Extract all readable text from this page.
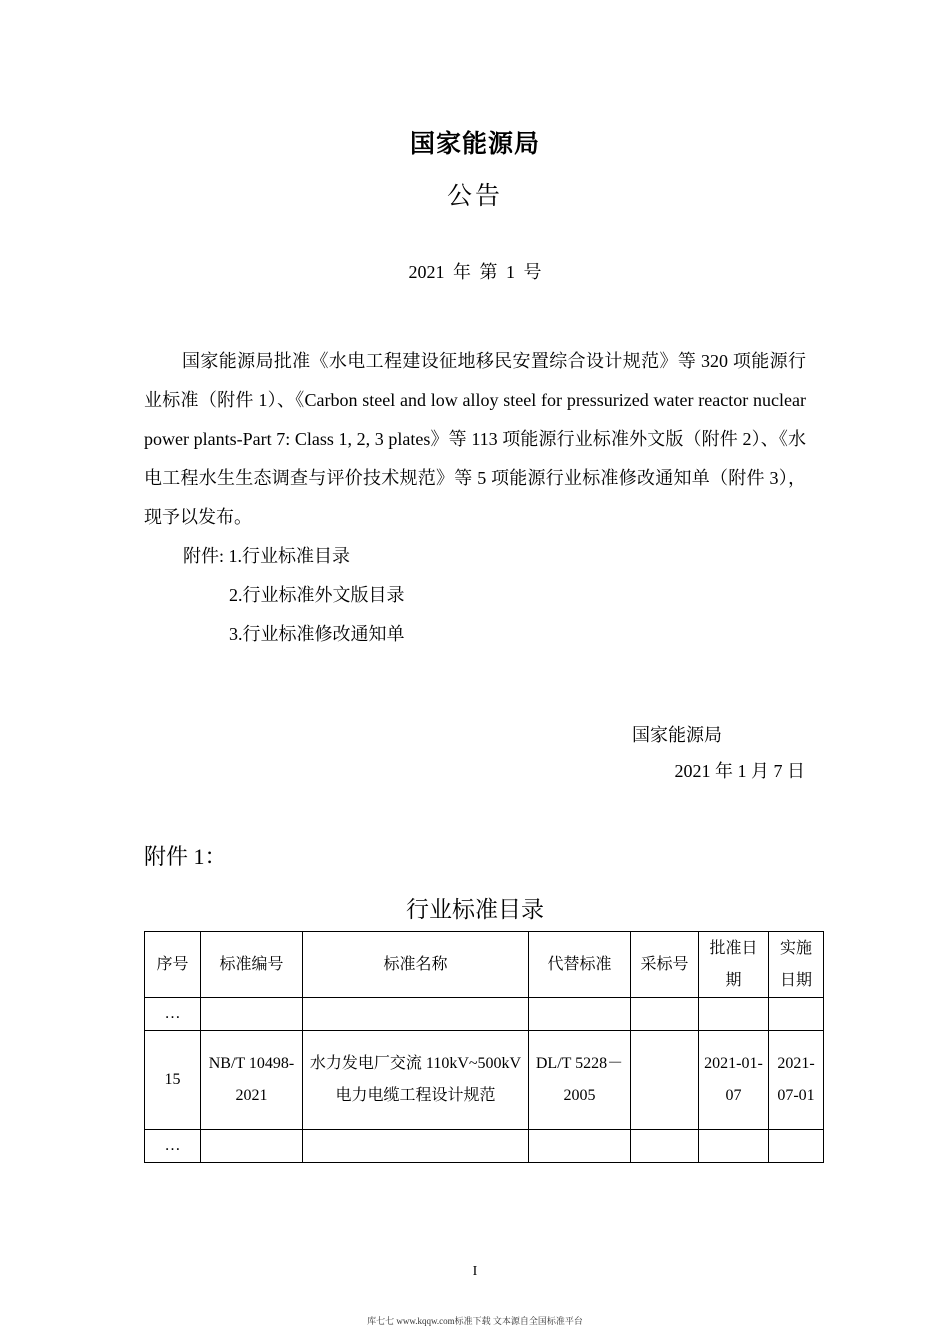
国家能源局
公告
2021 年 第 1 号

国家能源局批准《水电工程建设征地移民安置综合设计规范》等 320 项能源行业标准（附件 1）、《Carbon steel and low alloy steel for pressurized water reactor nuclear power plants-Part 7: Class 1, 2, 3 plates》等 113 项能源行业标准外文版（附件 2）、《水电工程水生生态调查与评价技术规范》等 5 项能源行业标准修改通知单（附件 3），现予以发布。

附件: 1.行业标准目录
2.行业标准外文版目录
3.行业标准修改通知单
国家能源局
2021 年 1 月 7 日
附件 1：
行业标准目录
序号	标准编号	标准名称	代替标准	采标号	批准日期	实施日期
…						
15	NB/T 10498-2021	水力发电厂交流 110kV~500kV 电力电缆工程设计规范	DL/T 5228－2005		2021-01-07	2021-07-01
…						
I
库七七 www.kqqw.com标准下载 文本源自全国标准平台
